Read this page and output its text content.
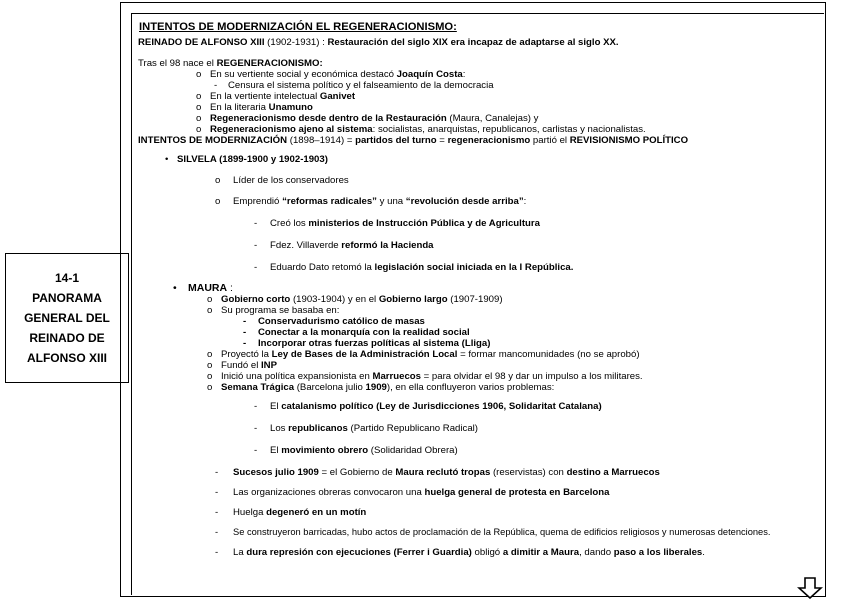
14-1
PANORAMA
GENERAL DEL
REINADO DE
ALFONSO XIII
INTENTOS DE MODERNIZACIÓN EL REGENERACIONISMO:
REINADO DE ALFONSO XIII (1902-1931) : Restauración del siglo XIX era incapaz de adaptarse al siglo XX.
Tras el 98 nace el REGENERACIONISMO:
o En su vertiente social y económica destacó Joaquín Costa:
- Censura el sistema político y el falseamiento de la democracia
o En la vertiente intelectual Ganivet
o En la literaria Unamuno
o Regeneracionismo desde dentro de la Restauración (Maura, Canalejas) y
o Regeneracionismo ajeno al sistema: socialistas, anarquistas, republicanos, carlistas y nacionalistas.
INTENTOS DE MODERNIZACIÓN (1898–1914) = partidos del turno = regeneracionismo partió el REVISIONISMO POLÍTICO
• SILVELA (1899-1900 y 1902-1903)
o Líder de los conservadores
o Emprendió “reformas radicales” y una “revolución desde arriba”:
- Creó los ministerios de Instrucción Pública y de Agricultura
- Fdez. Villaverde reformó la Hacienda
- Eduardo Dato retomó la legislación social iniciada en la I República.
• MAURA :
o Gobierno corto (1903-1904) y en el Gobierno largo (1907-1909)
o Su programa se basaba en:
- Conservadurismo católico de masas
- Conectar a la monarquía con la realidad social
- Incorporar otras fuerzas políticas al sistema (Lliga)
o Proyectó la Ley de Bases de la Administración Local = formar mancomunidades (no se aprobó)
o Fundó el INP
o Inició una política expansionista en Marruecos = para olvidar el 98 y dar un impulso a los militares.
o Semana Trágica (Barcelona julio 1909), en ella confluyeron varios problemas:
- El catalanismo político (Ley de Jurisdicciones 1906, Solidaritat Catalana)
- Los republicanos (Partido Republicano Radical)
- El movimiento obrero (Solidaridad Obrera)
- Sucesos julio 1909 = el Gobierno de Maura reclutó tropas (reservistas) con destino a Marruecos
- Las organizaciones obreras convocaron una huelga general de protesta en Barcelona
- Huelga degeneró en un motín
- Se construyeron barricadas, hubo actos de proclamación de la República, quema de edificios religiosos y numerosas detenciones.
- La dura represión con ejecuciones (Ferrer i Guardia) obligó a dimitir a Maura, dando paso a los liberales.
